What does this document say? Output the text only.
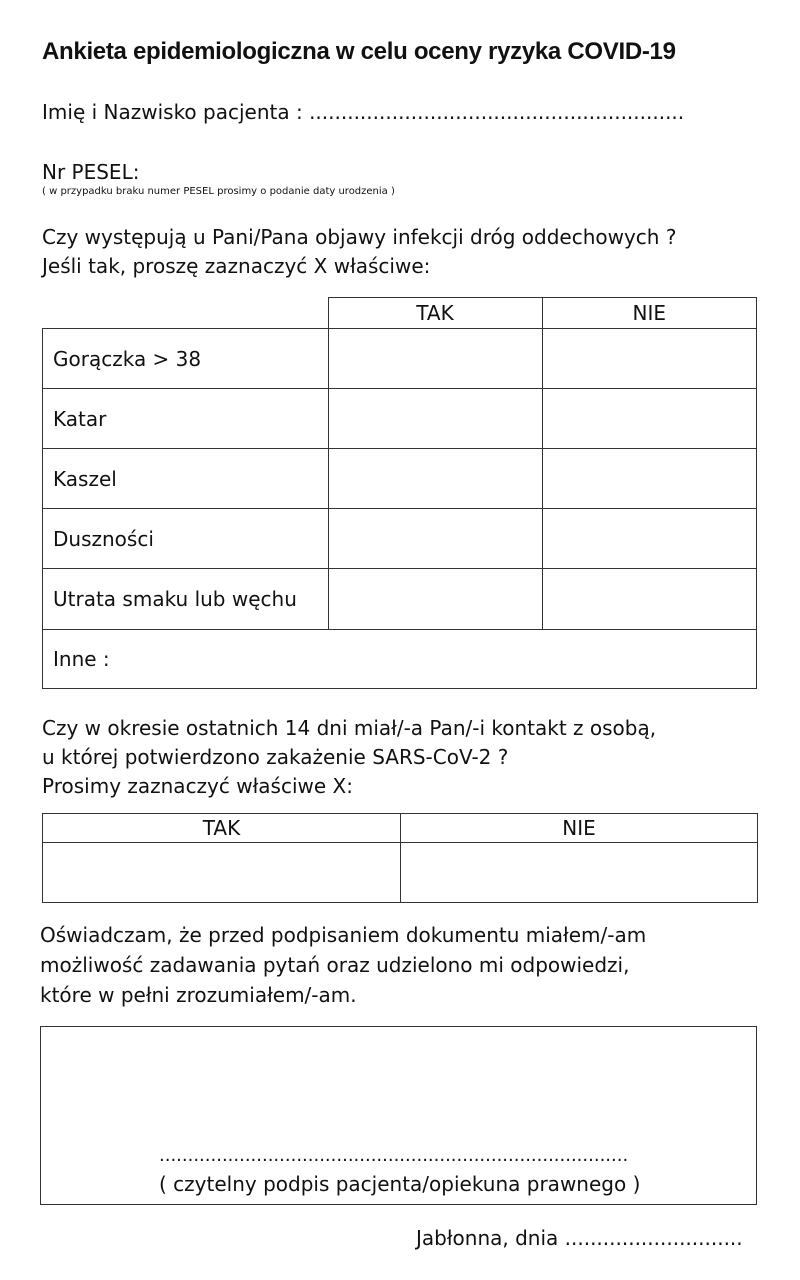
Ankieta epidemiologiczna w celu oceny ryzyka COVID-19
Imię i Nazwisko pacjenta : ...........................................................
Nr PESEL:
( w przypadku braku numer PESEL prosimy o podanie daty urodzenia )
Czy występują u Pani/Pana objawy infekcji dróg oddechowych ?
Jeśli tak, proszę zaznaczyć X właściwe:
	TAK	NIE
Gorączka > 38		
Katar		
Kaszel		
Duszności		
Utrata smaku lub węchu		
Inne :		
Czy w okresie ostatnich 14 dni miał/-a Pan/-i kontakt z osobą,
u której potwierdzono zakażenie SARS-CoV-2 ?
Prosimy zaznaczyć właściwe X:
TAK	NIE

Oświadczam, że przed podpisaniem dokumentu miałem/-am
możliwość zadawania pytań oraz udzielono mi odpowiedzi,
które w pełni zrozumiałem/-am.
..................................................................................
( czytelny podpis pacjenta/opiekuna prawnego )
Jabłonna, dnia ............................
